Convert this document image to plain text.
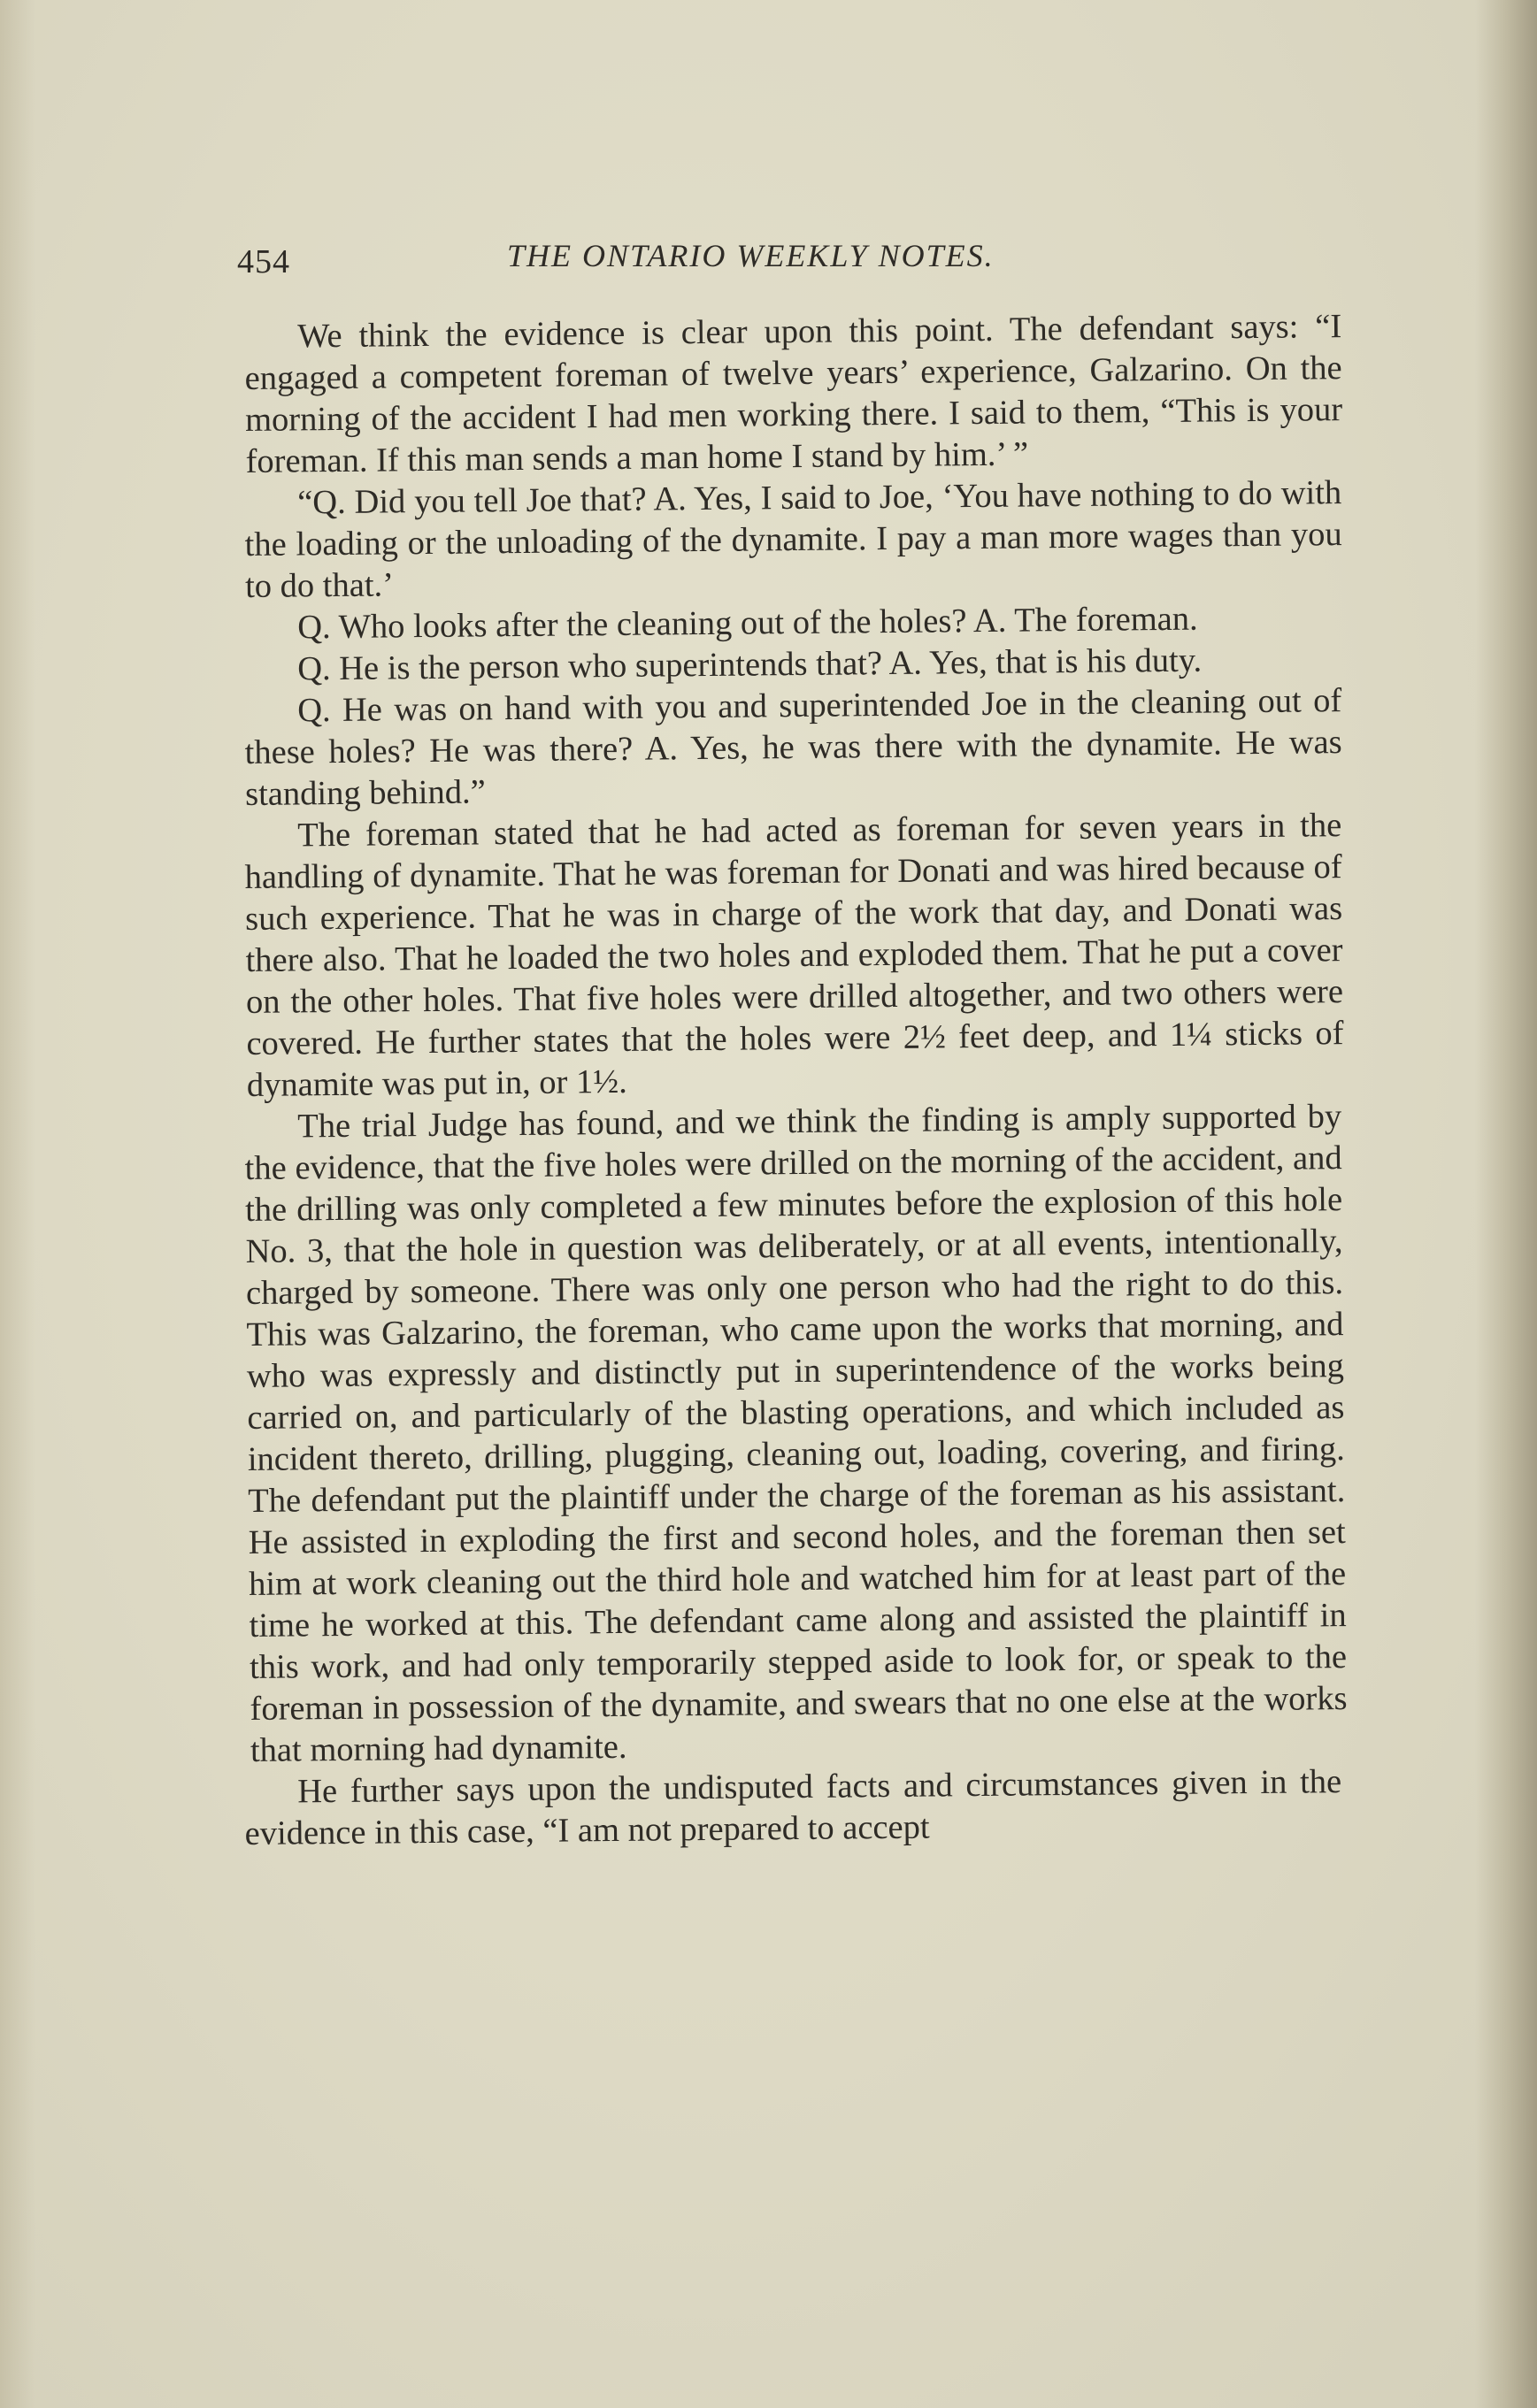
454	THE ONTARIO WEEKLY NOTES.

We think the evidence is clear upon this point. The defendant says: “I engaged a competent foreman of twelve years’ experience, Galzarino. On the morning of the accident I had men working there. I said to them, “This is your foreman. If this man sends a man home I stand by him.’ ”

“Q. Did you tell Joe that? A. Yes, I said to Joe, ‘You have nothing to do with the loading or the unloading of the dynamite. I pay a man more wages than you to do that.’

Q. Who looks after the cleaning out of the holes? A. The foreman.

Q. He is the person who superintends that? A. Yes, that is his duty.

Q. He was on hand with you and superintended Joe in the cleaning out of these holes? He was there? A. Yes, he was there with the dynamite. He was standing behind.”

The foreman stated that he had acted as foreman for seven years in the handling of dynamite. That he was foreman for Donati and was hired because of such experience. That he was in charge of the work that day, and Donati was there also. That he loaded the two holes and exploded them. That he put a cover on the other holes. That five holes were drilled altogether, and two others were covered. He further states that the holes were 2½ feet deep, and 1¼ sticks of dynamite was put in, or 1½.

The trial Judge has found, and we think the finding is amply supported by the evidence, that the five holes were drilled on the morning of the accident, and the drilling was only completed a few minutes before the explosion of this hole No. 3, that the hole in question was deliberately, or at all events, intentionally, charged by someone. There was only one person who had the right to do this. This was Galzarino, the foreman, who came upon the works that morning, and who was expressly and distinctly put in superintendence of the works being carried on, and particularly of the blasting operations, and which included as incident thereto, drilling, plugging, cleaning out, loading, covering, and firing. The defendant put the plaintiff under the charge of the foreman as his assistant. He assisted in exploding the first and second holes, and the foreman then set him at work cleaning out the third hole and watched him for at least part of the time he worked at this. The defendant came along and assisted the plaintiff in this work, and had only temporarily stepped aside to look for, or speak to the foreman in possession of the dynamite, and swears that no one else at the works that morning had dynamite.

He further says upon the undisputed facts and circumstances given in the evidence in this case, “I am not prepared to accept
